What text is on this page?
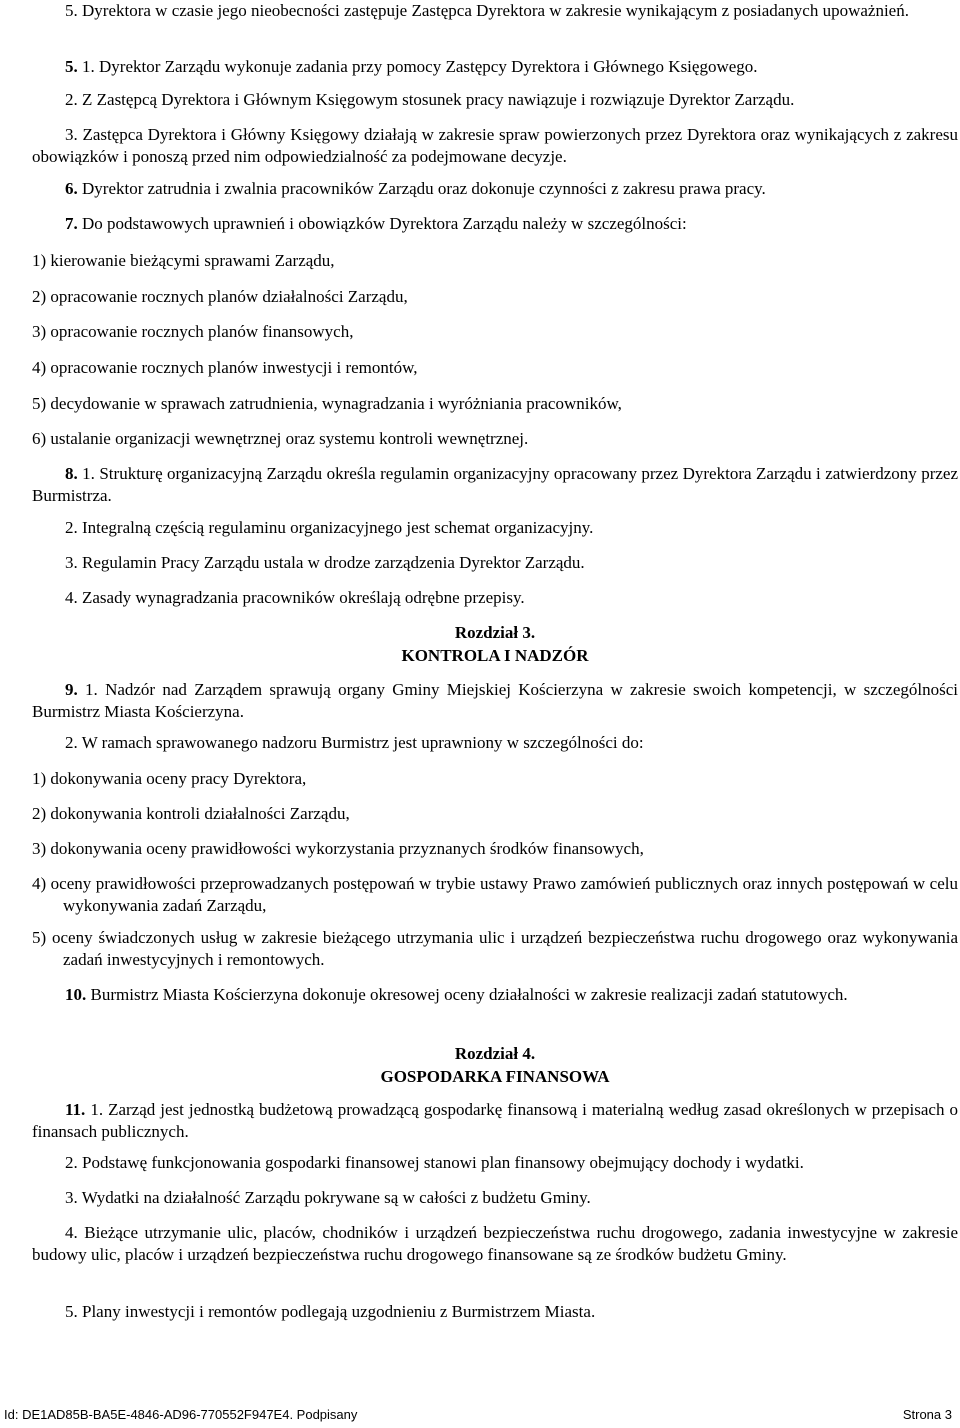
5. Dyrektora w czasie jego nieobecności zastępuje Zastępca Dyrektora w zakresie wynikającym z posiadanych upoważnień.

5. 1. Dyrektor Zarządu wykonuje zadania przy pomocy Zastępcy Dyrektora i Głównego Księgowego.

2. Z Zastępcą Dyrektora i Głównym Księgowym stosunek pracy nawiązuje i rozwiązuje Dyrektor Zarządu.

3. Zastępca Dyrektora i Główny Księgowy działają w zakresie spraw powierzonych przez Dyrektora oraz wynikających z zakresu obowiązków i ponoszą przed nim odpowiedzialność za podejmowane decyzje.

6. Dyrektor zatrudnia i zwalnia pracowników Zarządu oraz dokonuje czynności z zakresu prawa pracy.

7. Do podstawowych uprawnień i obowiązków Dyrektora Zarządu należy w szczególności:

1) kierowanie bieżącymi sprawami Zarządu,

2) opracowanie rocznych planów działalności Zarządu,

3) opracowanie rocznych planów finansowych,

4) opracowanie rocznych planów inwestycji i remontów,

5) decydowanie w sprawach zatrudnienia, wynagradzania i wyróżniania pracowników,

6) ustalanie organizacji wewnętrznej oraz systemu kontroli wewnętrznej.

8. 1. Strukturę organizacyjną Zarządu określa regulamin organizacyjny opracowany przez Dyrektora Zarządu i zatwierdzony przez Burmistrza.

2. Integralną częścią regulaminu organizacyjnego jest schemat organizacyjny.

3. Regulamin Pracy Zarządu ustala w drodze zarządzenia Dyrektor Zarządu.

4. Zasady wynagradzania pracowników określają odrębne przepisy.

Rozdział 3.

KONTROLA I NADZÓR

9. 1. Nadzór nad Zarządem sprawują organy Gminy Miejskiej Kościerzyna w zakresie swoich kompetencji, w szczególności Burmistrz Miasta Kościerzyna.

2. W ramach sprawowanego nadzoru Burmistrz jest uprawniony w szczególności do:

1) dokonywania oceny pracy Dyrektora,

2) dokonywania kontroli działalności Zarządu,

3) dokonywania oceny prawidłowości wykorzystania przyznanych środków finansowych,

4) oceny prawidłowości przeprowadzanych postępowań w trybie ustawy Prawo zamówień publicznych oraz innych postępowań w celu wykonywania zadań Zarządu,

5) oceny świadczonych usług w zakresie bieżącego utrzymania ulic i urządzeń bezpieczeństwa ruchu drogowego oraz wykonywania zadań inwestycyjnych i remontowych.

10. Burmistrz Miasta Kościerzyna dokonuje okresowej oceny działalności w zakresie realizacji zadań statutowych.

Rozdział 4.

GOSPODARKA FINANSOWA

11. 1. Zarząd jest jednostką budżetową prowadzącą gospodarkę finansową i materialną według zasad określonych w przepisach o finansach publicznych.

2. Podstawę funkcjonowania gospodarki finansowej stanowi plan finansowy obejmujący dochody i wydatki.

3. Wydatki na działalność Zarządu pokrywane są w całości z budżetu Gminy.

4. Bieżące utrzymanie ulic, placów, chodników i urządzeń bezpieczeństwa ruchu drogowego, zadania inwestycyjne w zakresie budowy ulic, placów i urządzeń bezpieczeństwa ruchu drogowego finansowane są ze środków budżetu Gminy.

5. Plany inwestycji i remontów podlegają uzgodnieniu z Burmistrzem Miasta.

Id: DE1AD85B-BA5E-4846-AD96-770552F947E4. Podpisany	Strona 3
